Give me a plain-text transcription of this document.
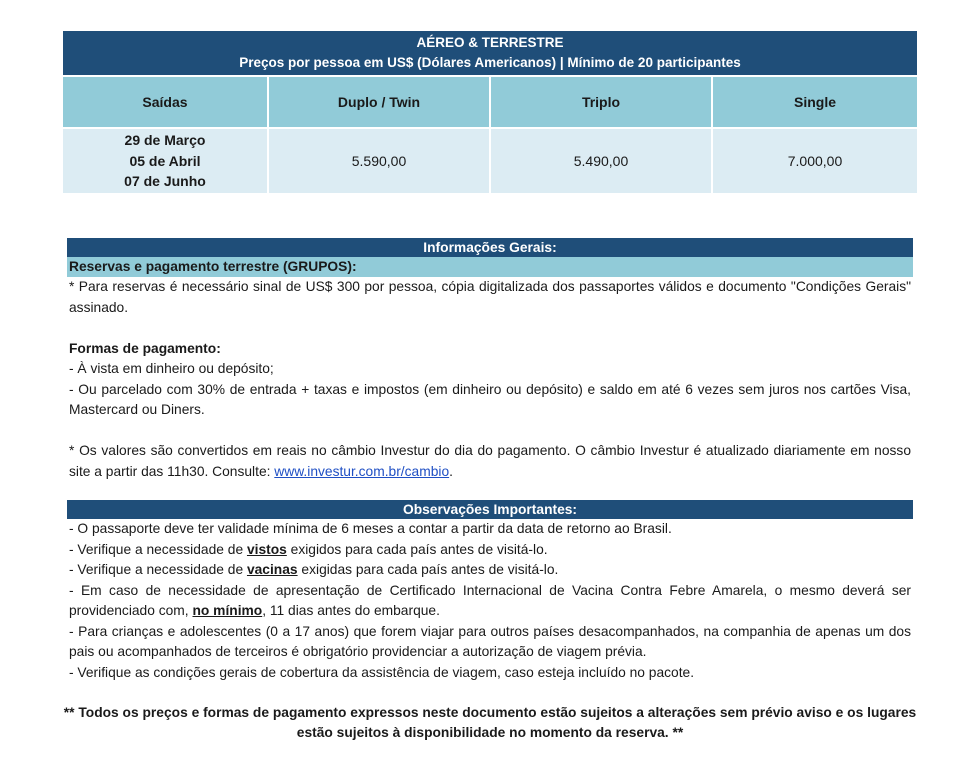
AÉREO & TERRESTRE
Preços por pessoa em US$ (Dólares Americanos) | Mínimo de 20 participantes			

Saídas	Duplo / Twin	Triplo	Single

29 de Março
05 de Abril
07 de Junho	5.590,00	5.490,00	7.000,00
Informações Gerais:
Reservas e pagamento terrestre (GRUPOS):
* Para reservas é necessário sinal de US$ 300 por pessoa, cópia digitalizada dos passaportes válidos e documento "Condições Gerais" assinado.
Formas de pagamento:
- À vista em dinheiro ou depósito;
- Ou parcelado com 30% de entrada + taxas e impostos (em dinheiro ou depósito) e saldo em até 6 vezes sem juros nos cartões Visa, Mastercard ou Diners.
* Os valores são convertidos em reais no câmbio Investur do dia do pagamento. O câmbio Investur é atualizado diariamente em nosso site a partir das 11h30. Consulte: www.investur.com.br/cambio.
Observações Importantes:
- O passaporte deve ter validade mínima de 6 meses a contar a partir da data de retorno ao Brasil.
- Verifique a necessidade de vistos exigidos para cada país antes de visitá-lo.
- Verifique a necessidade de vacinas exigidas para cada país antes de visitá-lo.
- Em caso de necessidade de apresentação de Certificado Internacional de Vacina Contra Febre Amarela, o mesmo deverá ser providenciado com, no mínimo, 11 dias antes do embarque.
- Para crianças e adolescentes (0 a 17 anos) que forem viajar para outros países desacompanhados, na companhia de apenas um dos pais ou acompanhados de terceiros é obrigatório providenciar a autorização de viagem prévia.
- Verifique as condições gerais de cobertura da assistência de viagem, caso esteja incluído no pacote.
** Todos os preços e formas de pagamento expressos neste documento estão sujeitos a alterações sem prévio aviso e os lugares estão sujeitos à disponibilidade no momento da reserva. **
